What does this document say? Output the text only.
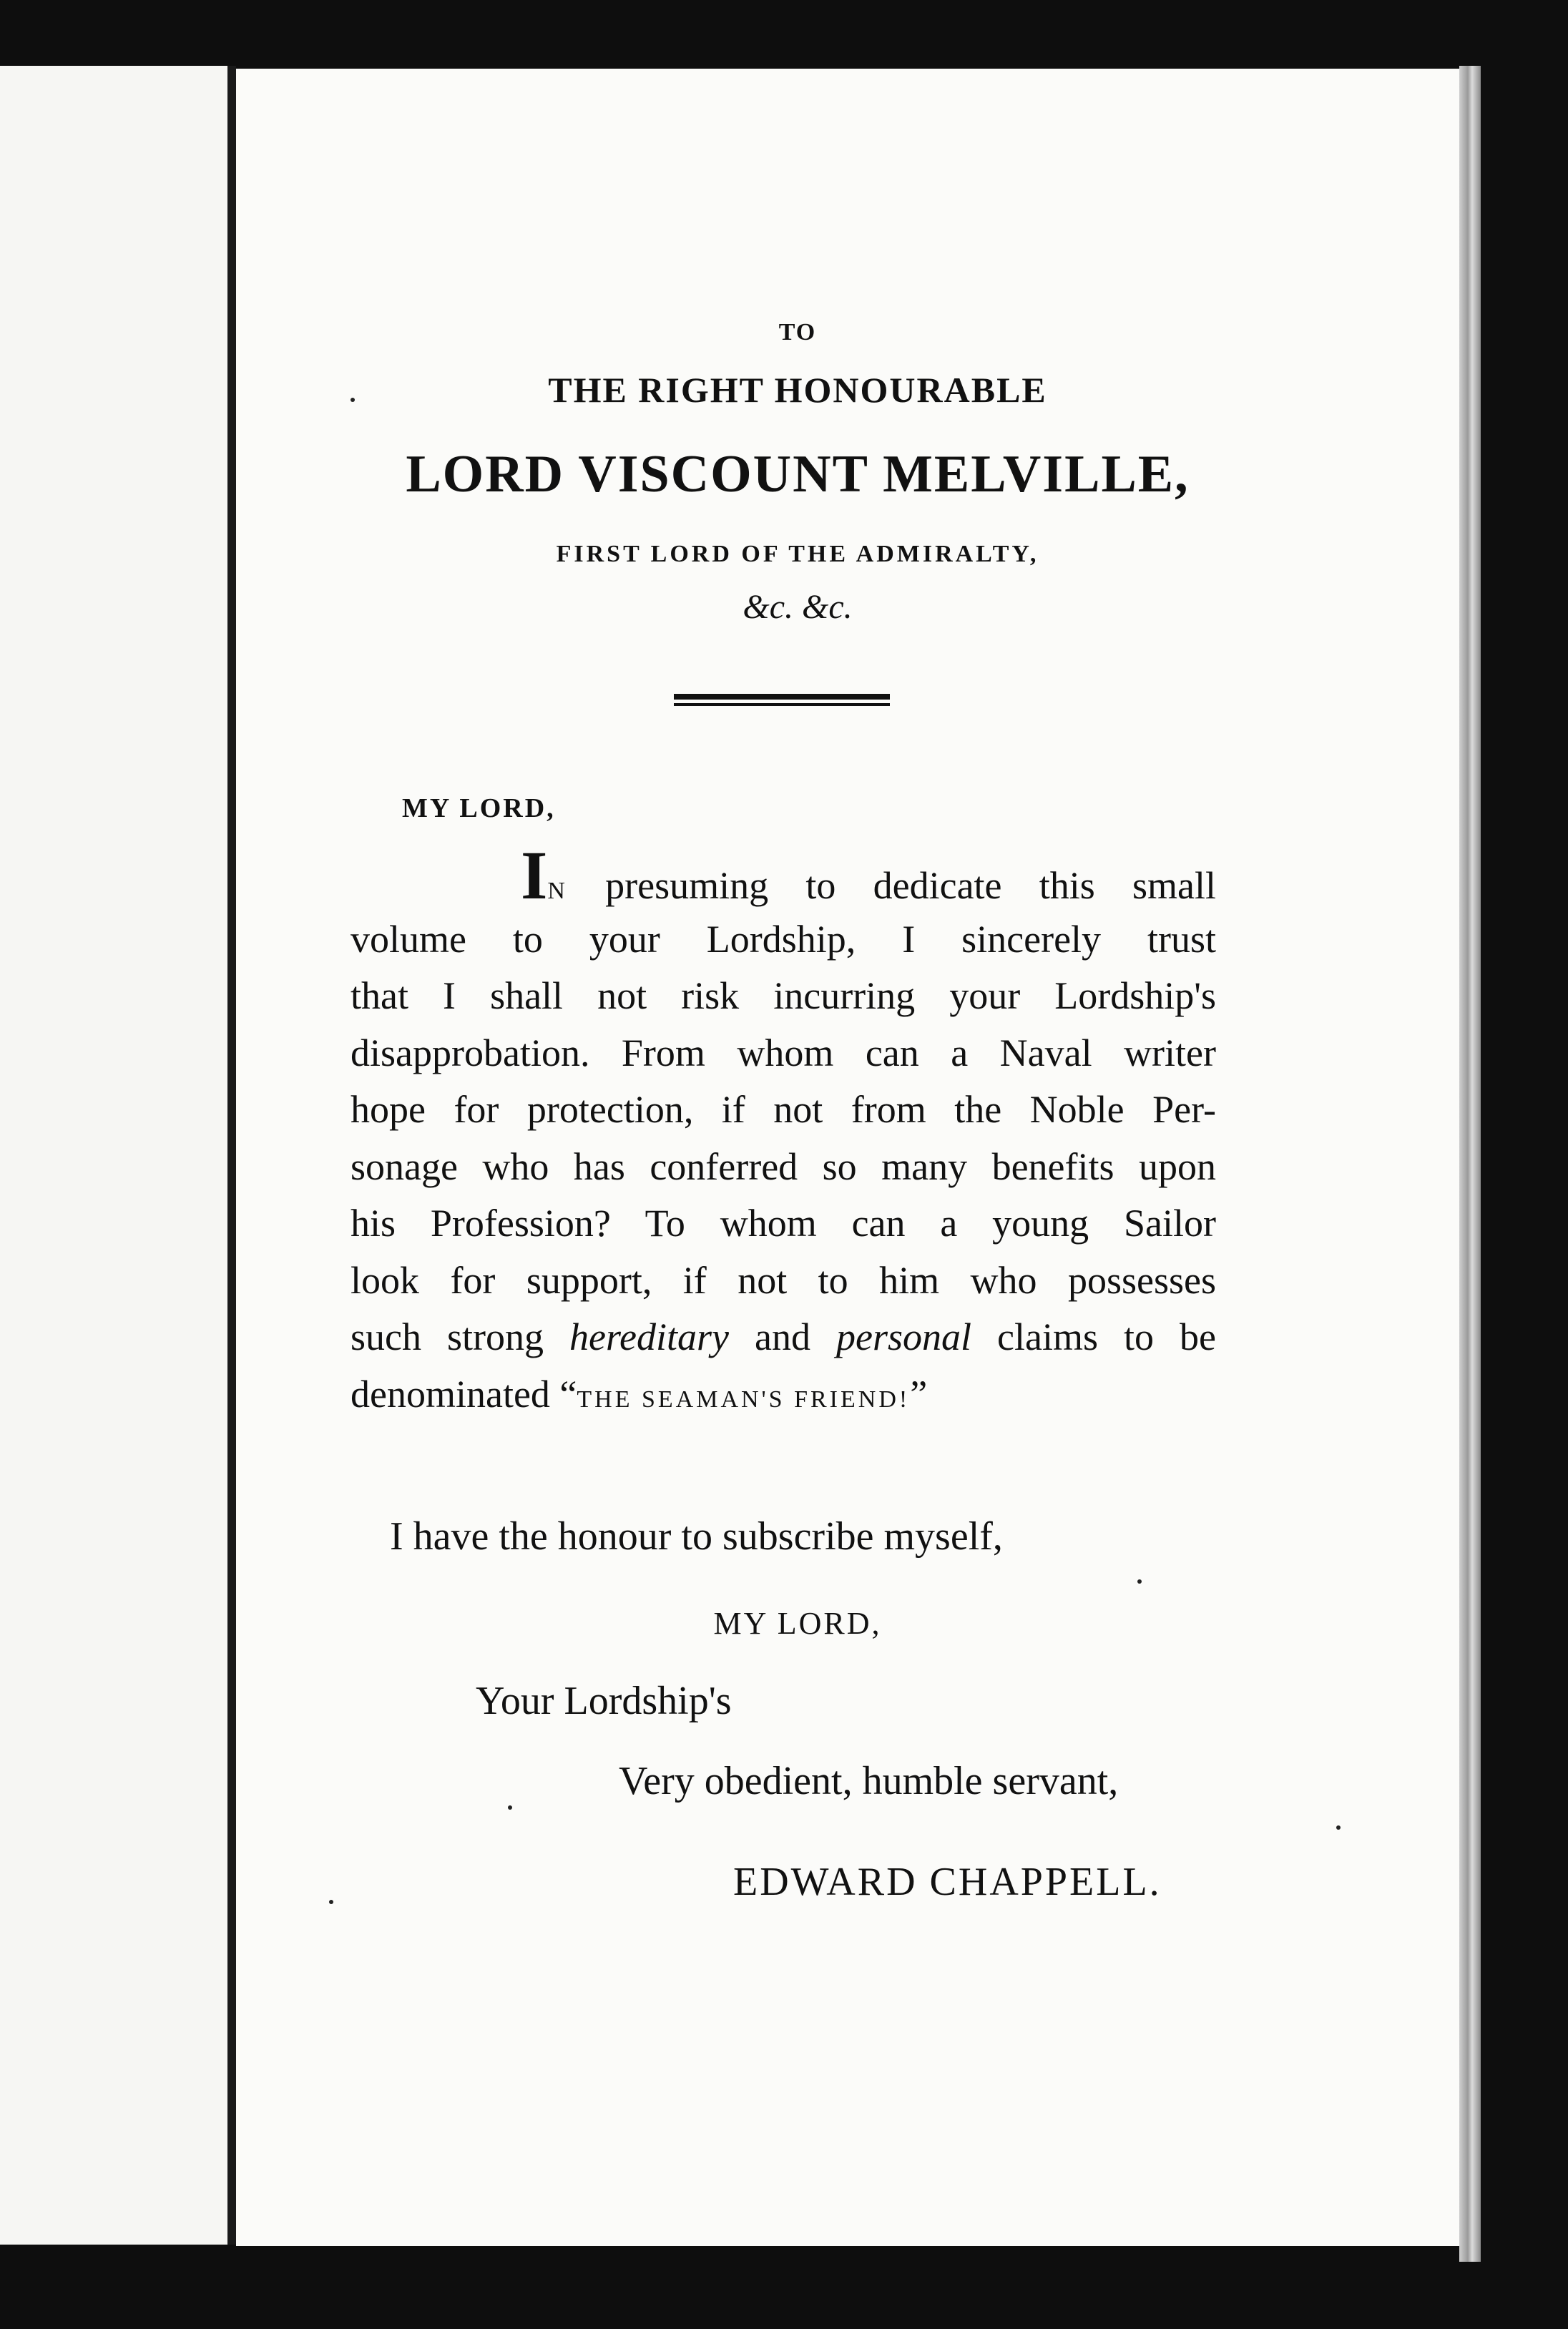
TO

THE RIGHT HONOURABLE

LORD VISCOUNT MELVILLE,

FIRST LORD OF THE ADMIRALTY,

&c. &c.

MY LORD,

IN presuming to dedicate this small
volume to your Lordship, I sincerely trust
that I shall not risk incurring your Lordship's
disapprobation. From whom can a Naval writer
hope for protection, if not from the Noble Per-
sonage who has conferred so many benefits upon
his Profession? To whom can a young Sailor
look for support, if not to him who possesses
such strong hereditary and personal claims to be
denominated “THE SEAMAN'S FRIEND!”

I have the honour to subscribe myself,

MY LORD,

Your Lordship's

Very obedient, humble servant,

EDWARD CHAPPELL.
